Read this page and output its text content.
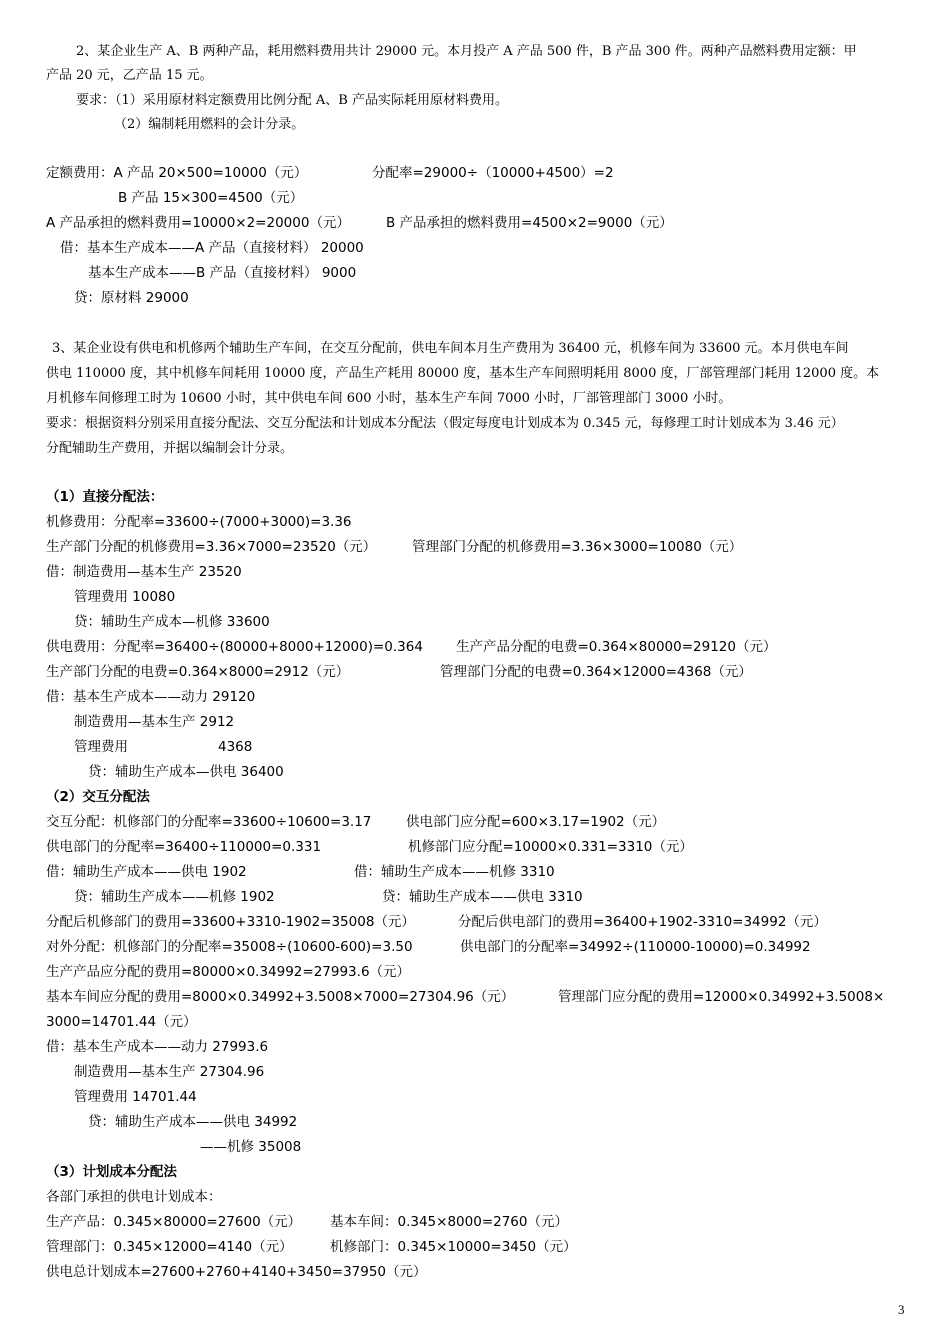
3
2、某企业生产 A、B 两种产品，耗用燃料费用共计 29000 元。本月投产 A 产品 500 件，B 产品 300 件。两种产品燃料费用定额：甲
产品 20 元，乙产品 15 元。
要求：（1）采用原材料定额费用比例分配 A、B 产品实际耗用原材料费用。
（2）编制耗用燃料的会计分录。
定额费用：A 产品 20×500=10000（元）	分配率=29000÷（10000+4500）=2
B 产品 15×300=4500（元）
A 产品承担的燃料费用=10000×2=20000（元）	B 产品承担的燃料费用=4500×2=9000（元）
借：基本生产成本——A 产品（直接材料） 20000
基本生产成本——B 产品（直接材料） 9000
贷：原材料 29000
3、某企业设有供电和机修两个辅助生产车间，在交互分配前，供电车间本月生产费用为 36400 元，机修车间为 33600 元。本月供电车间
供电 110000 度，其中机修车间耗用 10000 度，产品生产耗用 80000 度，基本生产车间照明耗用 8000 度，厂部管理部门耗用 12000 度。本
月机修车间修理工时为 10600 小时，其中供电车间 600 小时，基本生产车间 7000 小时，厂部管理部门 3000 小时。
要求：根据资料分别采用直接分配法、交互分配法和计划成本分配法（假定每度电计划成本为 0.345 元，每修理工时计划成本为 3.46 元）
分配辅助生产费用，并据以编制会计分录。
（1）直接分配法：
机修费用：分配率=33600÷(7000+3000)=3.36
生产部门分配的机修费用=3.36×7000=23520（元）	管理部门分配的机修费用=3.36×3000=10080（元）
借：制造费用—基本生产 23520
管理费用 10080
贷：辅助生产成本—机修 33600
供电费用：分配率=36400÷(80000+8000+12000)=0.364 生产产品分配的电费=0.364×80000=29120（元）
生产部门分配的电费=0.364×8000=2912（元）	管理部门分配的电费=0.364×12000=4368（元）
借：基本生产成本——动力 29120
制造费用—基本生产 2912
管理费用	4368
贷：辅助生产成本—供电 36400
（2）交互分配法
交互分配：机修部门的分配率=33600÷10600=3.17	供电部门应分配=600×3.17=1902（元）
供电部门的分配率=36400÷110000=0.331	机修部门应分配=10000×0.331=3310（元）
借：辅助生产成本——供电 1902	借：辅助生产成本——机修 3310
贷：辅助生产成本——机修 1902	贷：辅助生产成本——供电 3310
分配后机修部门的费用=33600+3310-1902=35008（元）	分配后供电部门的费用=36400+1902-3310=34992（元）
对外分配：机修部门的分配率=35008÷(10600-600)=3.50	供电部门的分配率=34992÷(110000-10000)=0.34992
生产产品应分配的费用=80000×0.34992=27993.6（元）
基本车间应分配的费用=8000×0.34992+3.5008×7000=27304.96（元）	管理部门应分配的费用=12000×0.34992+3.5008×
3000=14701.44（元）
借：基本生产成本——动力 27993.6
制造费用—基本生产 27304.96
管理费用 14701.44
贷：辅助生产成本——供电 34992
——机修 35008
（3）计划成本分配法
各部门承担的供电计划成本：
生产产品：0.345×80000=27600（元） 基本车间：0.345×8000=2760（元）
管理部门：0.345×12000=4140（元）	机修部门：0.345×10000=3450（元）
供电总计划成本=27600+2760+4140+3450=37950（元）
